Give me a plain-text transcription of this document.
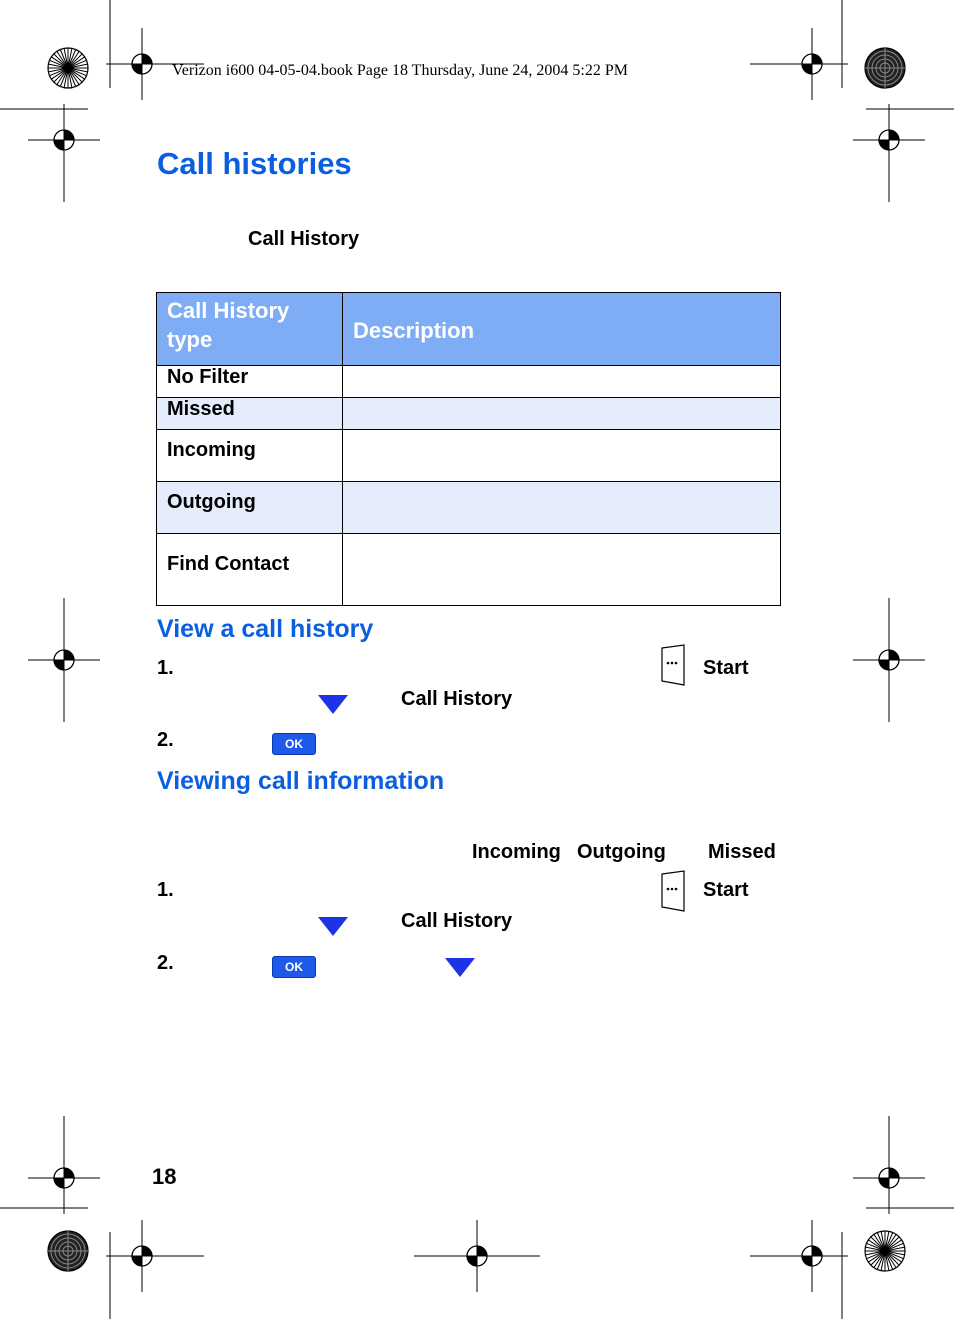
Verizon i600 04-05-04.book Page 18 Thursday, June 24, 2004 5:22 PM
Call histories
Call History
Call History type	Description
No Filter	
Missed	
Incoming	
Outgoing	
Find Contact	
View a call history
1.	Start
Call History
2.	OK
Viewing call information
Incoming Outgoing Missed
1.	Start
Call History
2.	OK
18
